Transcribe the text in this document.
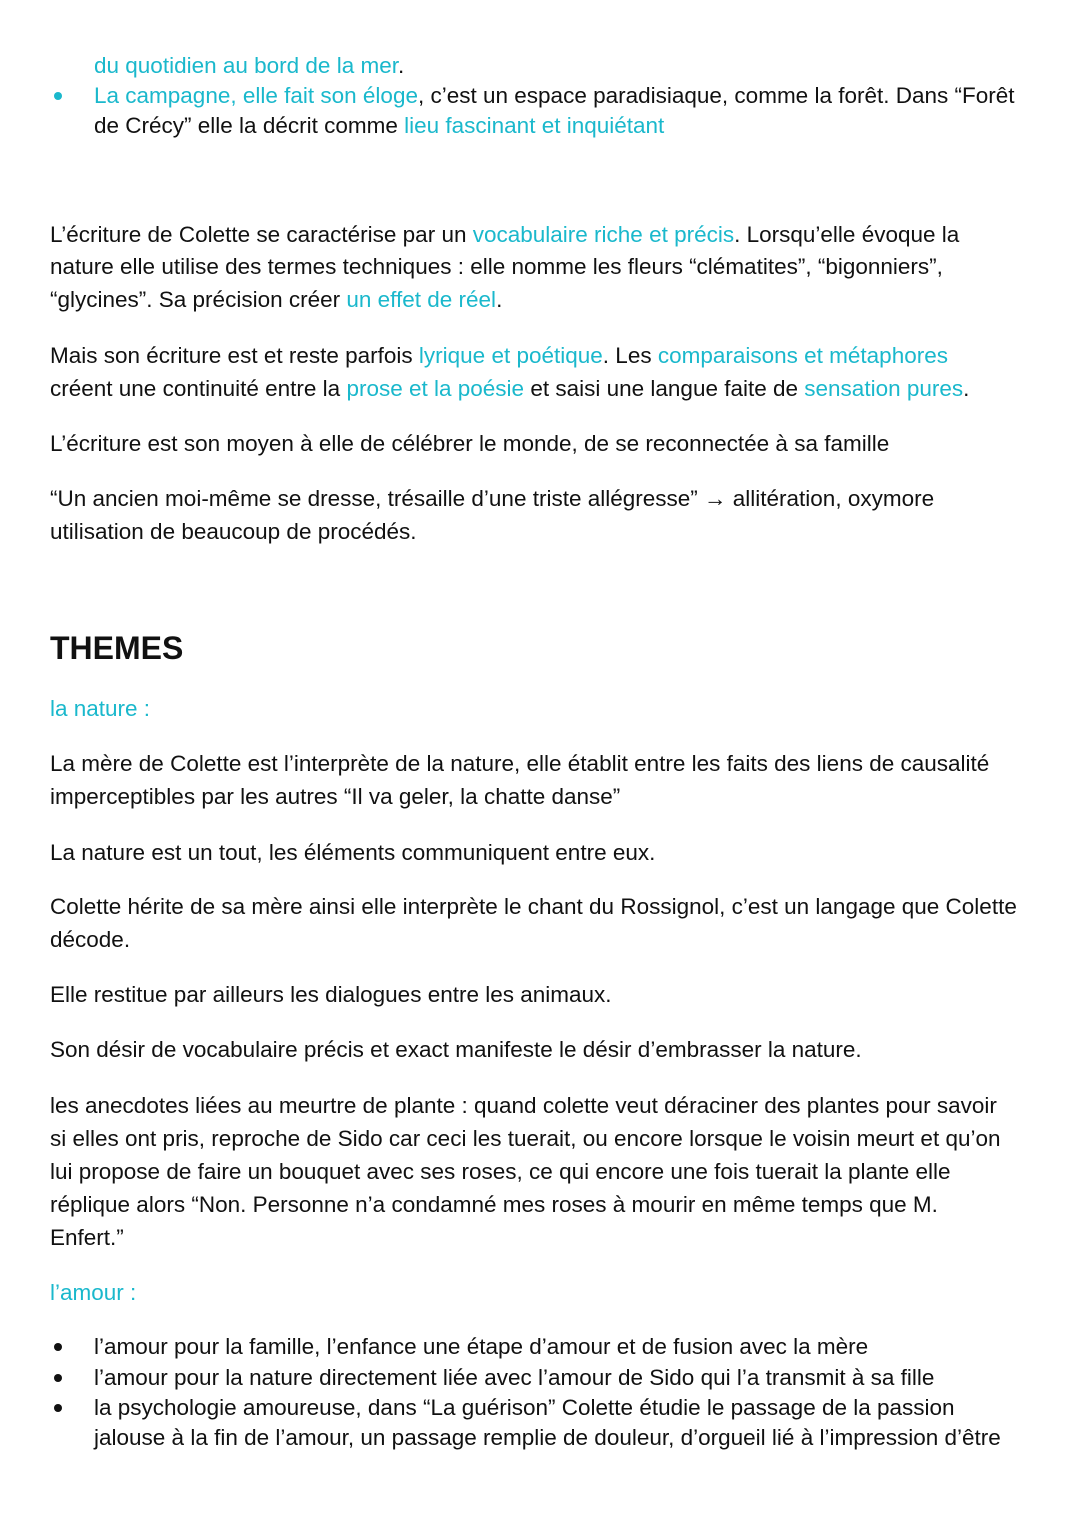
du quotidien au bord de la mer.
La campagne, elle fait son éloge, c’est un espace paradisiaque, comme la forêt. Dans “Forêt
de Crécy” elle la décrit comme lieu fascinant et inquiétant
L’écriture de Colette se caractérise par un vocabulaire riche et précis. Lorsqu’elle évoque la
nature elle utilise des termes techniques : elle nomme les fleurs “clématites”, “bigonniers”,
“glycines”. Sa précision créer un effet de réel.
Mais son écriture est et reste parfois lyrique et poétique. Les comparaisons et métaphores
créent une continuité entre la prose et la poésie et saisi une langue faite de sensation pures.
L’écriture est son moyen à elle de célébrer le monde, de se reconnectée à sa famille
“Un ancien moi-même se dresse, trésaille d’une triste allégresse” → allitération, oxymore
utilisation de beaucoup de procédés.
THEMES
la nature :
La mère de Colette est l’interprète de la nature, elle établit entre les faits des liens de causalité
imperceptibles par les autres “Il va geler, la chatte danse”
La nature est un tout, les éléments communiquent entre eux.
Colette hérite de sa mère ainsi elle interprète le chant du Rossignol, c’est un langage que Colette
décode.
Elle restitue par ailleurs les dialogues entre les animaux.
Son désir de vocabulaire précis et exact manifeste le désir d’embrasser la nature.
les anecdotes liées au meurtre de plante : quand colette veut déraciner des plantes pour savoir
si elles ont pris, reproche de Sido car ceci les tuerait, ou encore lorsque le voisin meurt et qu’on
lui propose de faire un bouquet avec ses roses, ce qui encore une fois tuerait la plante elle
réplique alors “Non. Personne n’a condamné mes roses à mourir en même temps que M.
Enfert.”
l’amour :
l’amour pour la famille, l’enfance une étape d’amour et de fusion avec la mère
l’amour pour la nature directement liée avec l’amour de Sido qui l’a transmit à sa fille
la psychologie amoureuse, dans “La guérison” Colette étudie le passage de la passion
jalouse à la fin de l’amour, un passage remplie de douleur, d’orgueil lié à l’impression d’être
